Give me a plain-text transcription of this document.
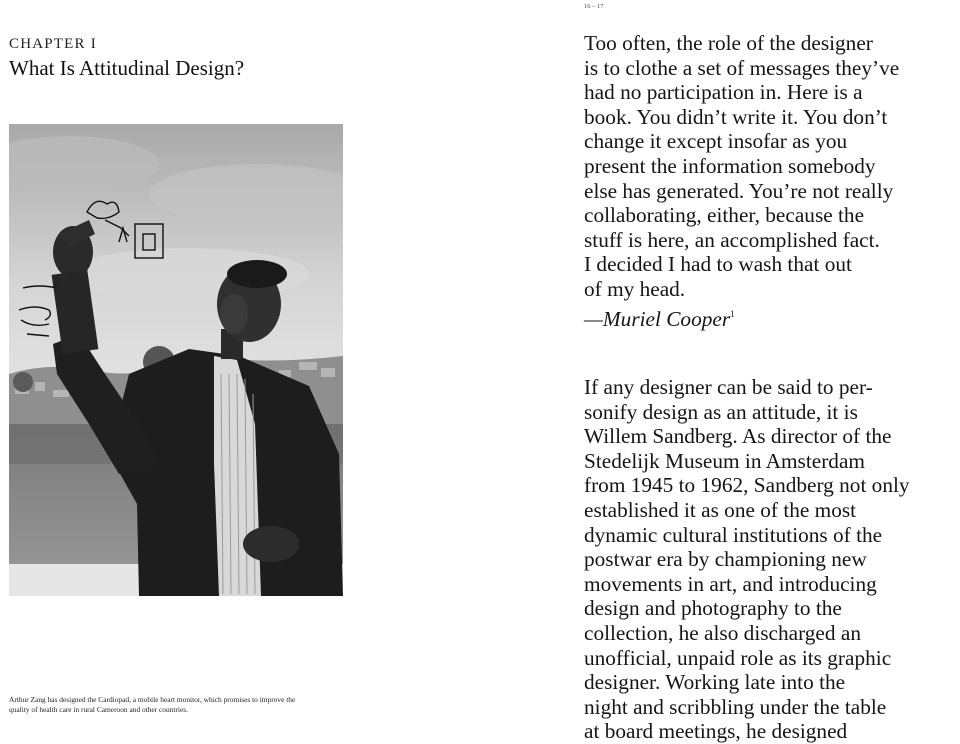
CHAPTER I
What Is Attitudinal Design?
Arthur Zang has designed the Cardiopad, a mobile heart monitor, which promises to improve the
quality of health care in rural Cameroon and other countries.
16 – 17
Too often, the role of the designer
is to clothe a set of messages they’ve
had no participation in. Here is a
book. You didn’t write it. You don’t
change it except insofar as you
present the information somebody
else has generated. You’re not really
collaborating, either, because the
stuff is here, an accomplished fact.
I decided I had to wash that out
of my head.
—Muriel Cooper$^1$
If any designer can be said to per-
sonify design as an attitude, it is
Willem Sandberg. As director of the
Stedelijk Museum in Amsterdam
from 1945 to 1962, Sandberg not only
established it as one of the most
dynamic cultural institutions of the
postwar era by championing new
movements in art, and introducing
design and photography to the
collection, he also discharged an
unofficial, unpaid role as its graphic
designer. Working late into the
night and scribbling under the table
at board meetings, he designed
